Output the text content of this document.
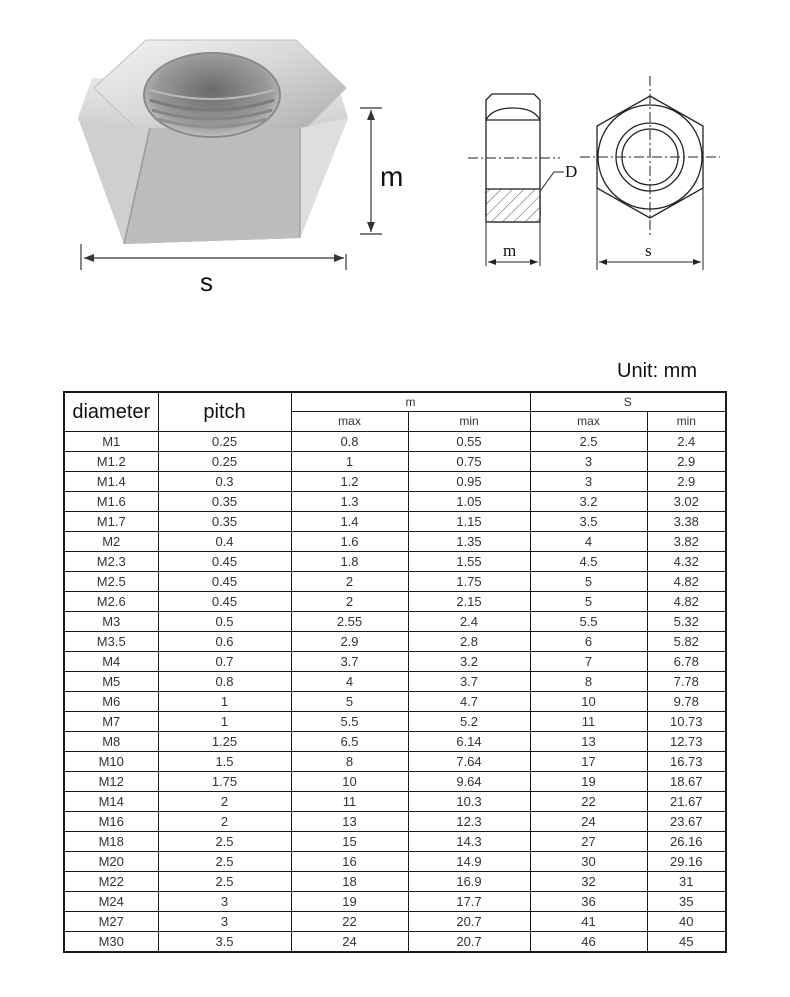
m
s
D
m	s
Unit: mm
diameter	pitch	m		S	
		max	min	max	min
M1	0.25	0.8	0.55	2.5	2.4
M1.2	0.25	1	0.75	3	2.9
M1.4	0.3	1.2	0.95	3	2.9
M1.6	0.35	1.3	1.05	3.2	3.02
M1.7	0.35	1.4	1.15	3.5	3.38
M2	0.4	1.6	1.35	4	3.82
M2.3	0.45	1.8	1.55	4.5	4.32
M2.5	0.45	2	1.75	5	4.82
M2.6	0.45	2	2.15	5	4.82
M3	0.5	2.55	2.4	5.5	5.32
M3.5	0.6	2.9	2.8	6	5.82
M4	0.7	3.7	3.2	7	6.78
M5	0.8	4	3.7	8	7.78
M6	1	5	4.7	10	9.78
M7	1	5.5	5.2	11	10.73
M8	1.25	6.5	6.14	13	12.73
M10	1.5	8	7.64	17	16.73
M12	1.75	10	9.64	19	18.67
M14	2	11	10.3	22	21.67
M16	2	13	12.3	24	23.67
M18	2.5	15	14.3	27	26.16
M20	2.5	16	14.9	30	29.16
M22	2.5	18	16.9	32	31
M24	3	19	17.7	36	35
M27	3	22	20.7	41	40
M30	3.5	24	20.7	46	45
